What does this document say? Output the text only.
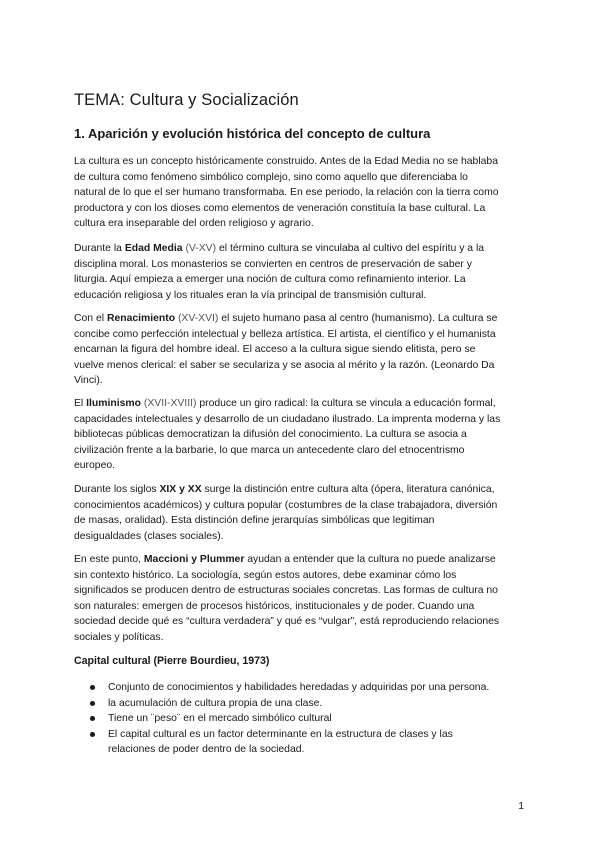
TEMA: Cultura y Socialización
1. Aparición y evolución histórica del concepto de cultura
La cultura es un concepto históricamente construido. Antes de la Edad Media no se hablaba
de cultura como fenómeno simbólico complejo, sino como aquello que diferenciaba lo
natural de lo que el ser humano transformaba. En ese periodo, la relación con la tierra como
productora y con los dioses como elementos de veneración constituía la base cultural. La
cultura era inseparable del orden religioso y agrario.
Durante la Edad Media (V-XV) el término cultura se vinculaba al cultivo del espíritu y a la
disciplina moral. Los monasterios se convierten en centros de preservación de saber y
liturgia. Aquí empieza a emerger una noción de cultura como refinamiento interior. La
educación religiosa y los rituales eran la vía principal de transmisión cultural.
Con el Renacimiento (XV-XVI) el sujeto humano pasa al centro (humanismo). La cultura se
concibe como perfección intelectual y belleza artística. El artista, el científico y el humanista
encarnan la figura del hombre ideal. El acceso a la cultura sigue siendo elitista, pero se
vuelve menos clerical: el saber se seculariza y se asocia al mérito y la razón. (Leonardo Da
Vinci).
El Iluminismo (XVII-XVIII) produce un giro radical: la cultura se vincula a educación formal,
capacidades intelectuales y desarrollo de un ciudadano ilustrado. La imprenta moderna y las
bibliotecas públicas democratizan la difusión del conocimiento. La cultura se asocia a
civilización frente a la barbarie, lo que marca un antecedente claro del etnocentrismo
europeo.
Durante los siglos XIX y XX surge la distinción entre cultura alta (ópera, literatura canónica,
conocimientos académicos) y cultura popular (costumbres de la clase trabajadora, diversión
de masas, oralidad). Esta distinción define jerarquías simbólicas que legitiman
desigualdades (clases sociales).
En este punto, Maccioni y Plummer ayudan a entender que la cultura no puede analizarse
sin contexto histórico. La sociología, según estos autores, debe examinar cómo los
significados se producen dentro de estructuras sociales concretas. Las formas de cultura no
son naturales: emergen de procesos históricos, institucionales y de poder. Cuando una
sociedad decide qué es “cultura verdadera” y qué es “vulgar”, está reproduciendo relaciones
sociales y políticas.
Capital cultural (Pierre Bourdieu, 1973)
Conjunto de conocimientos y habilidades heredadas y adquiridas por una persona.
la acumulación de cultura propia de una clase.
Tiene un ¨peso¨ en el mercado simbólico cultural
El capital cultural es un factor determinante en la estructura de clases y las
relaciones de poder dentro de la sociedad.
1
